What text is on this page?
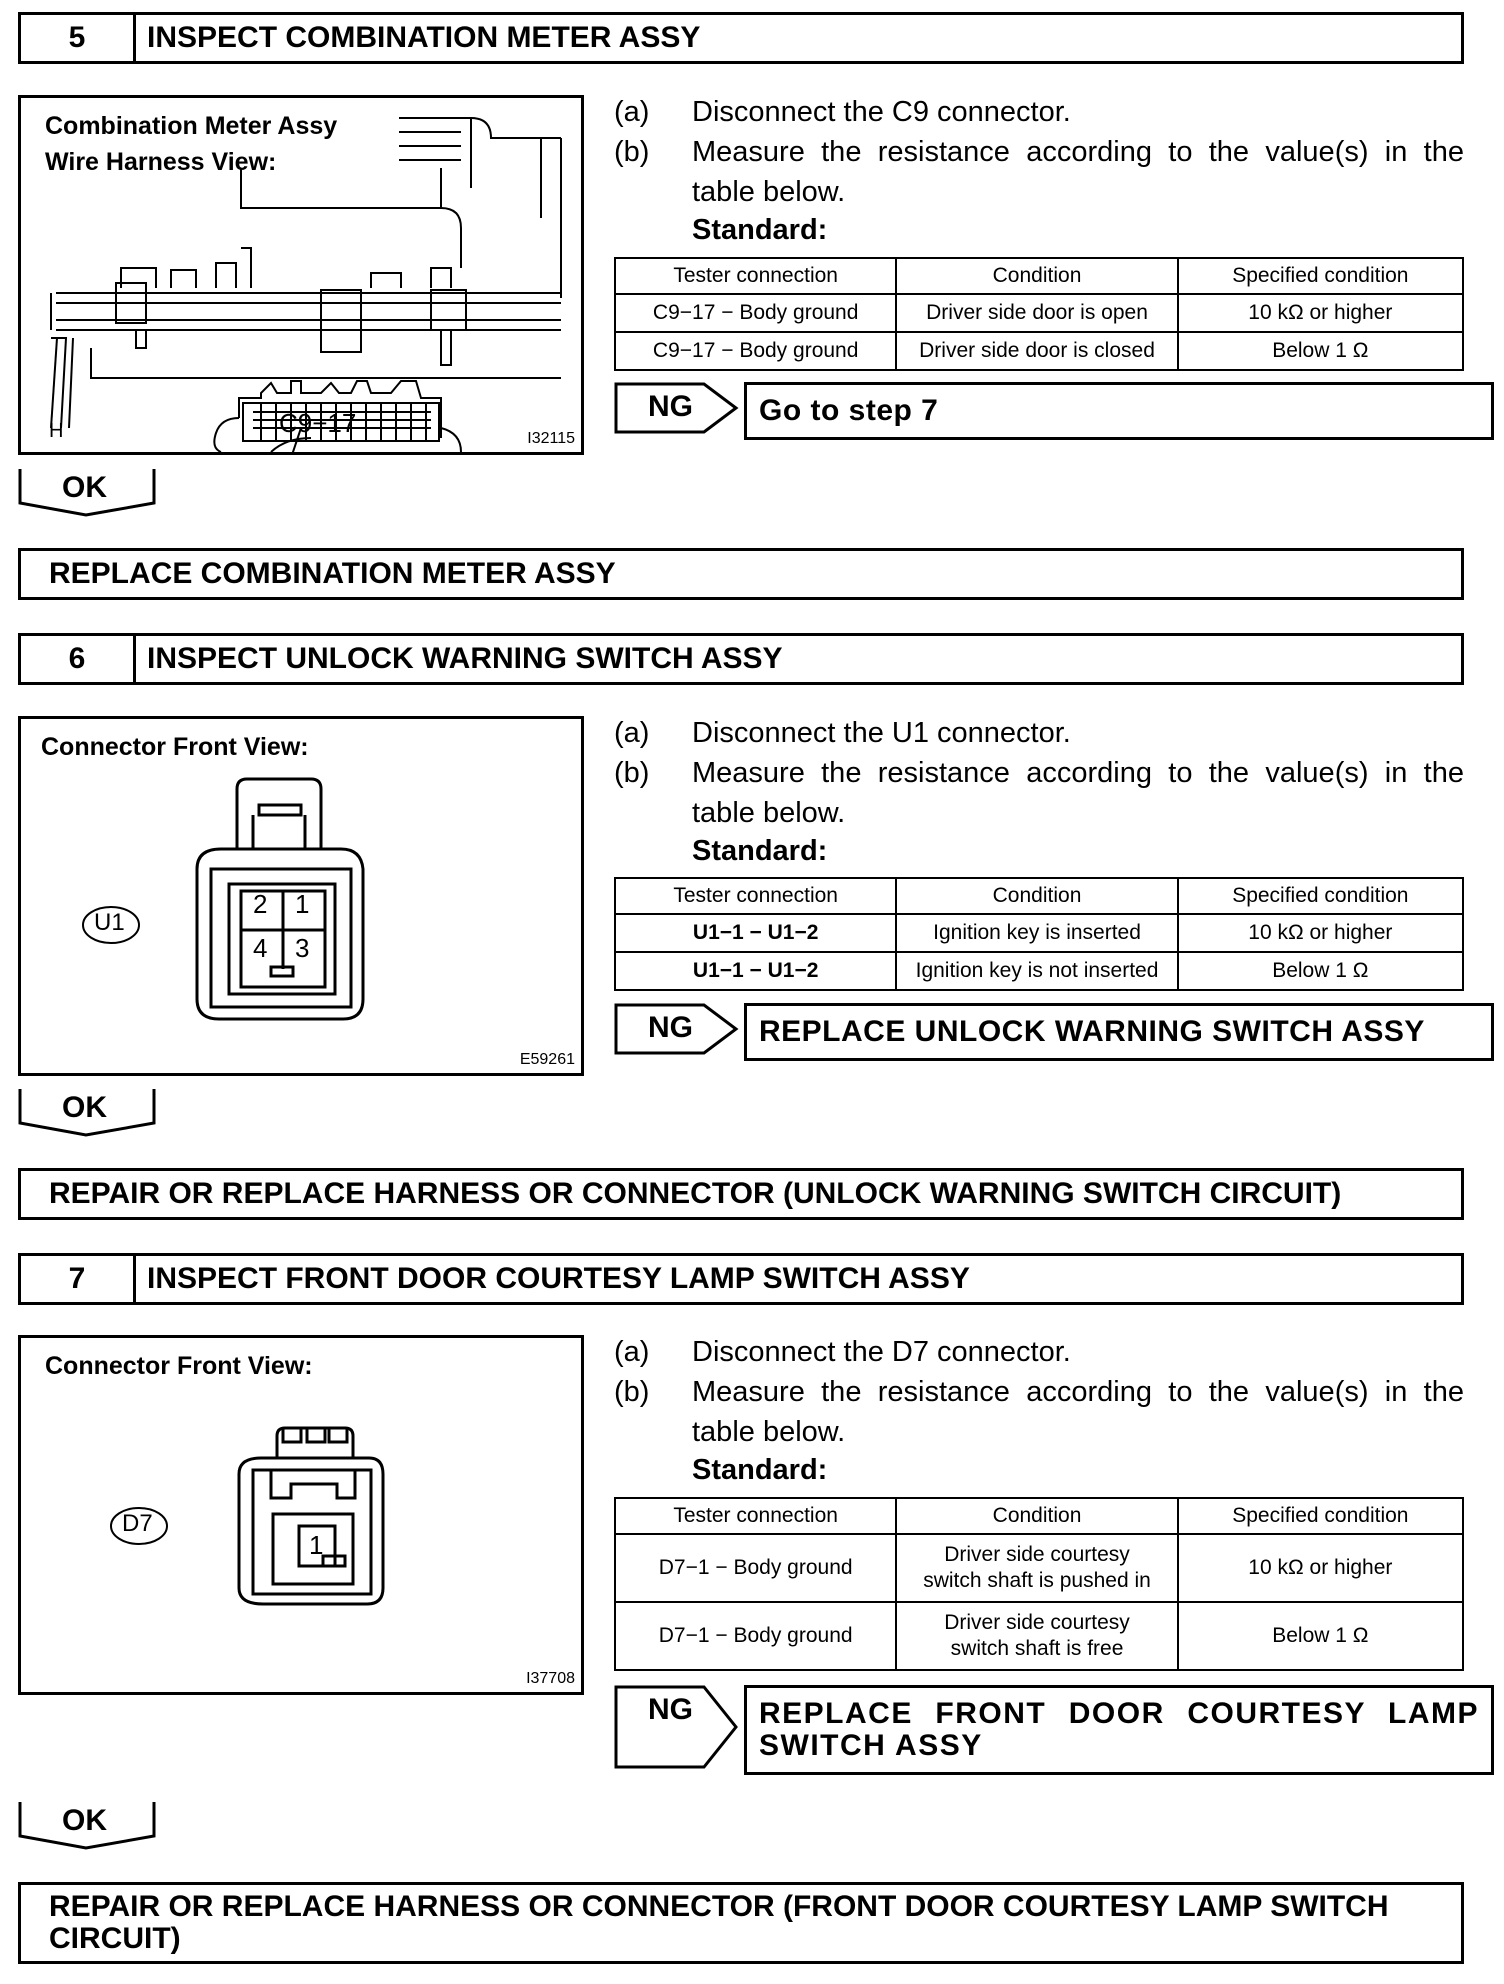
5	INSPECT COMBINATION METER ASSY
Combination Meter Assy
Wire Harness View:
H	C9−17
I32115
(a) Disconnect the C9 connector.
(b) Measure the resistance according to the value(s) in the table below.
Standard:
Tester connection	Condition	Specified condition
C9−17 − Body ground	Driver side door is open	10 kΩ or higher
C9−17 − Body ground	Driver side door is closed	Below 1 Ω
NG	Go to step 7
OK
REPLACE COMBINATION METER ASSY
6	INSPECT UNLOCK WARNING SWITCH ASSY
Connector Front View:
U1
2 1
4 3
E59261
(a) Disconnect the U1 connector.
(b) Measure the resistance according to the value(s) in the table below.
Standard:
Tester connection	Condition	Specified condition
U1−1 − U1−2	Ignition key is inserted	10 kΩ or higher
U1−1 − U1−2	Ignition key is not inserted	Below 1 Ω
NG	REPLACE UNLOCK WARNING SWITCH ASSY
OK
REPAIR OR REPLACE HARNESS OR CONNECTOR (UNLOCK WARNING SWITCH CIRCUIT)
7	INSPECT FRONT DOOR COURTESY LAMP SWITCH ASSY
Connector Front View:
D7
1
I37708
(a) Disconnect the D7 connector.
(b) Measure the resistance according to the value(s) in the table below.
Standard:
Tester connection	Condition	Specified condition
D7−1 − Body ground	Driver side courtesy switch shaft is pushed in	10 kΩ or higher
D7−1 − Body ground	Driver side courtesy switch shaft is free	Below 1 Ω
NG	REPLACE FRONT DOOR COURTESY LAMP SWITCH ASSY
OK
REPAIR OR REPLACE HARNESS OR CONNECTOR (FRONT DOOR COURTESY LAMP SWITCH CIRCUIT)
